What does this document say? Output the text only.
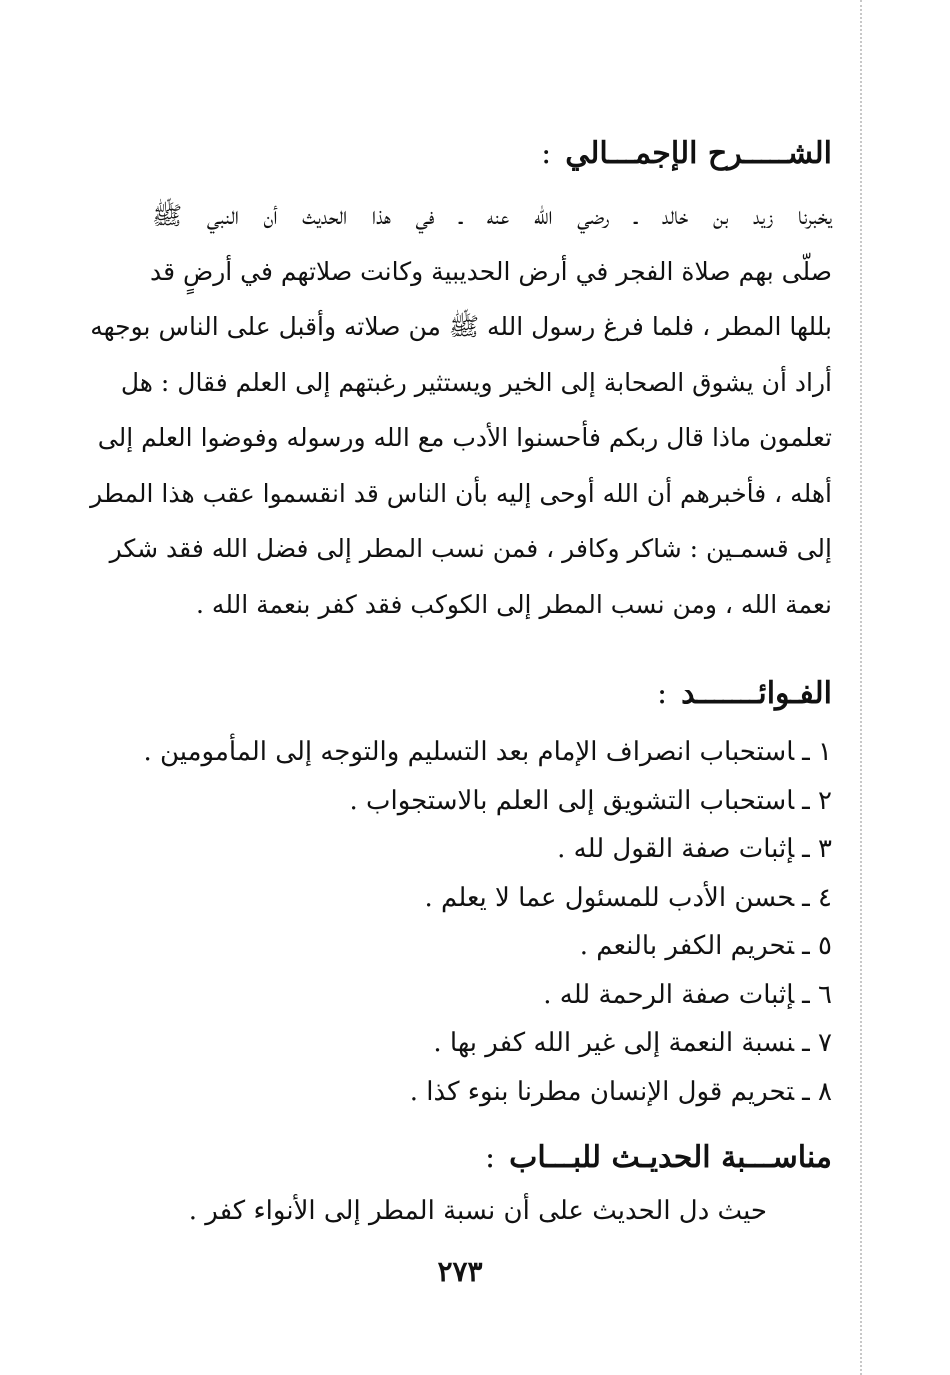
الشـــــرح الإجمـــالي:
يخبرنا زيد بن خالد ـ رضي الله عنه ـ في هذا الحديث أن النبي ﷺ
صلّى بهم صلاة الفجر في أرض الحديبية وكانت صلاتهم في أرضٍ قد
بللها المطر ، فلما فرغ رسول الله ﷺ من صلاته وأقبل على الناس بوجهه
أراد أن يشوق الصحابة إلى الخير ويستثير رغبتهم إلى العلم فقال : هل
تعلمون ماذا قال ربكم فأحسنوا الأدب مع الله ورسوله وفوضوا العلم إلى
أهله ، فأخبرهم أن الله أوحى إليه بأن الناس قد انقسموا عقب هذا المطر
إلى قسمـين : شاكر وكافر ، فمن نسب المطر إلى فضل الله فقد شكر
نعمة الله ، ومن نسب المطر إلى الكوكب فقد كفر بنعمة الله .
الفـوائـــــــد:
١ ـاستحباب انصراف الإمام بعد التسليم والتوجه إلى المأمومين .
٢ ـاستحباب التشويق إلى العلم بالاستجواب .
٣ ـإثبات صفة القول لله .
٤ ـحسن الأدب للمسئول عما لا يعلم .
٥ ـتحريم الكفر بالنعم .
٦ ـإثبات صفة الرحمة لله .
٧ ـنسبة النعمة إلى غير الله كفر بها .
٨ ـتحريم قول الإنسان مطرنا بنوء كذا .
مناســـبة الحديـث للبـــاب:
حيث دل الحديث على أن نسبة المطر إلى الأنواء كفر .
٢٧٣
